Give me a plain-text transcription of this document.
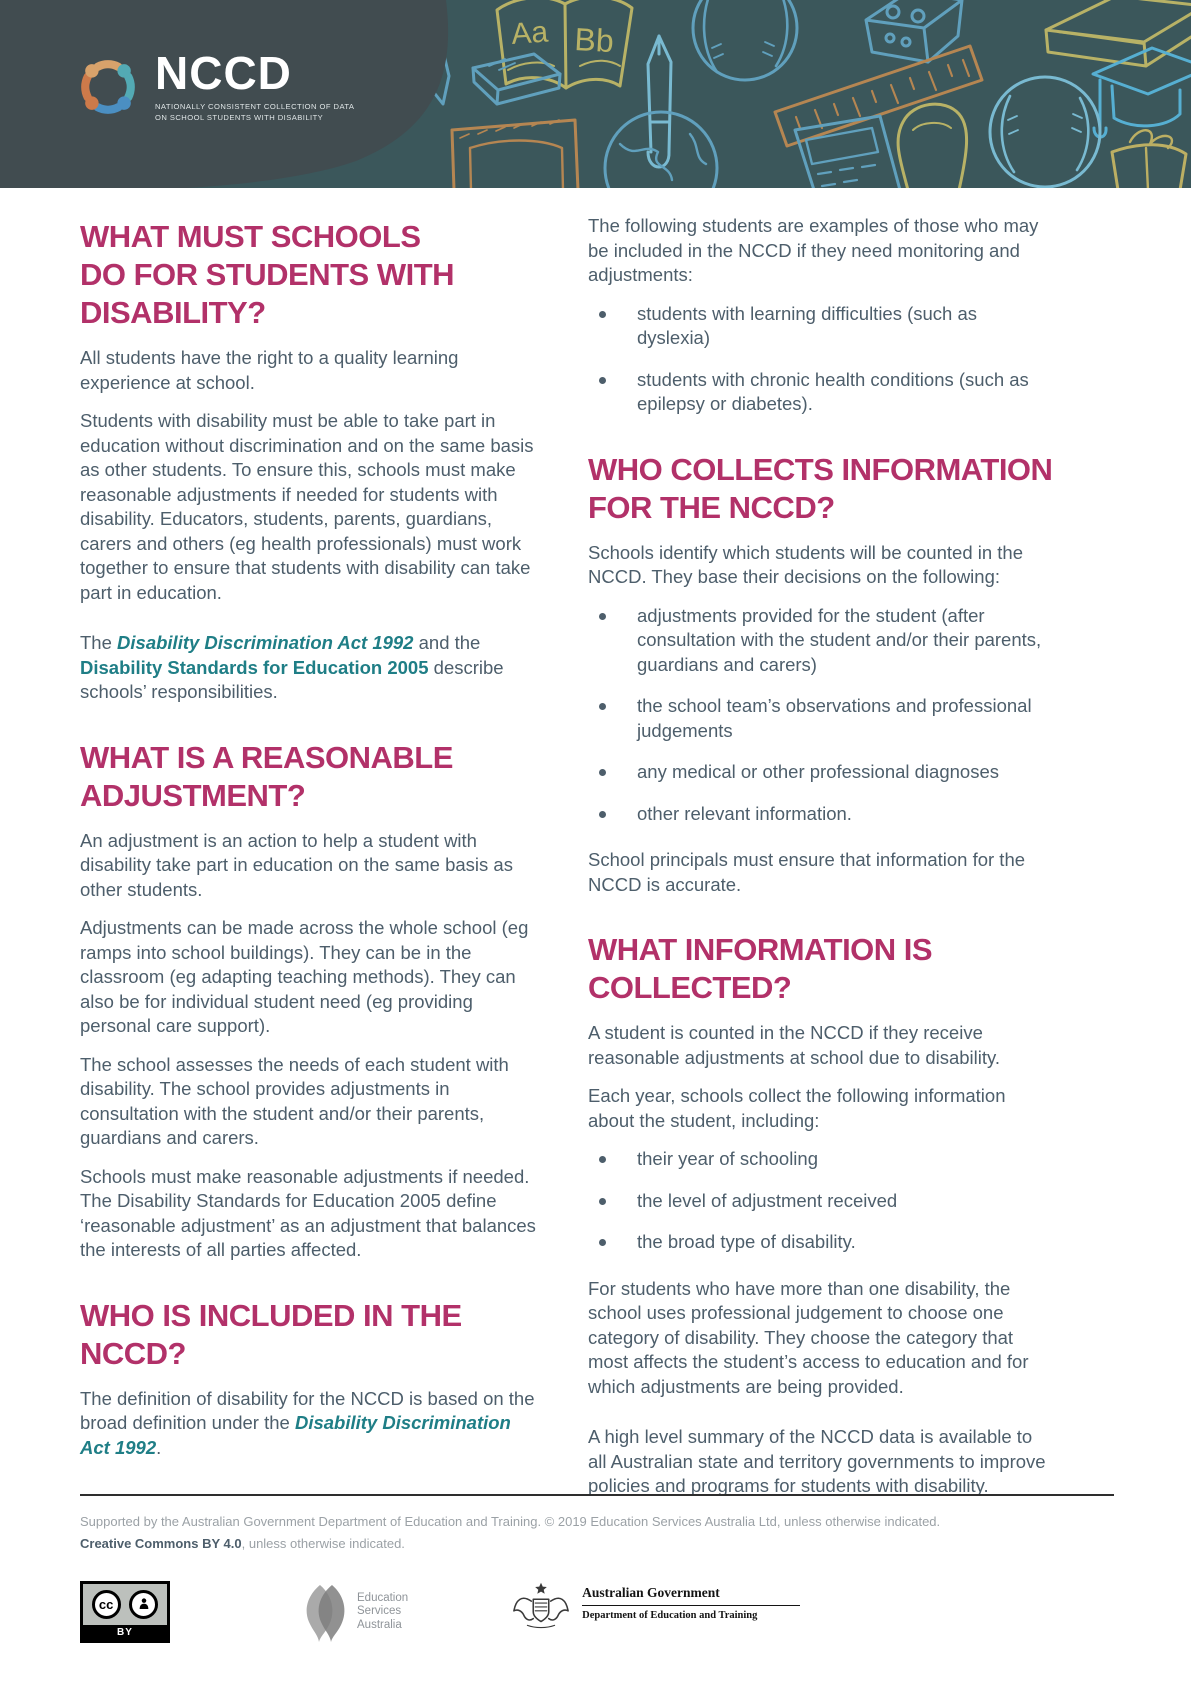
Aa Bb
NCCD
NATIONALLY CONSISTENT COLLECTION OF DATA
ON SCHOOL STUDENTS WITH DISABILITY
WHAT MUST SCHOOLS
DO FOR STUDENTS WITH
DISABILITY?

All students have the right to a quality learning experience at school.

Students with disability must be able to take part in education without discrimination and on the same basis as other students. To ensure this, schools must make reasonable adjustments if needed for students with disability. Educators, students, parents, guardians, carers and others (eg health professionals) must work together to ensure that students with disability can take part in education.

The Disability Discrimination Act 1992 and the Disability Standards for Education 2005 describe schools’ responsibilities.

WHAT IS A REASONABLE
ADJUSTMENT?

An adjustment is an action to help a student with disability take part in education on the same basis as other students.

Adjustments can be made across the whole school (eg ramps into school buildings). They can be in the classroom (eg adapting teaching methods). They can also be for individual student need (eg providing personal care support).

The school assesses the needs of each student with disability. The school provides adjustments in consultation with the student and/or their parents, guardians and carers.

Schools must make reasonable adjustments if needed. The Disability Standards for Education 2005 define ‘reasonable adjustment’ as an adjustment that balances the interests of all parties affected.

WHO IS INCLUDED IN THE
NCCD?

The definition of disability for the NCCD is based on the broad definition under the Disability Discrimination Act 1992.

The following students are examples of those who may be included in the NCCD if they need monitoring and adjustments:

students with learning difficulties (such as dyslexia)
students with chronic health conditions (such as epilepsy or diabetes).
WHO COLLECTS INFORMATION
FOR THE NCCD?

Schools identify which students will be counted in the NCCD. They base their decisions on the following:

adjustments provided for the student (after consultation with the student and/or their parents, guardians and carers)
the school team’s observations and professional judgements
any medical or other professional diagnoses
other relevant information.

School principals must ensure that information for the NCCD is accurate.

WHAT INFORMATION IS
COLLECTED?

A student is counted in the NCCD if they receive reasonable adjustments at school due to disability.

Each year, schools collect the following information about the student, including:

their year of schooling
the level of adjustment received
the broad type of disability.

For students who have more than one disability, the school uses professional judgement to choose one category of disability. They choose the category that most affects the student’s access to education and for which adjustments are being provided.

A high level summary of the NCCD data is available to all Australian state and territory governments to improve policies and programs for students with disability.

Supported by the Australian Government Department of Education and Training. © 2019 Education Services Australia Ltd, unless otherwise indicated.
Creative Commons BY 4.0, unless otherwise indicated.
cc
BY
Education
Services
Australia
Australian Government
Department of Education and Training
